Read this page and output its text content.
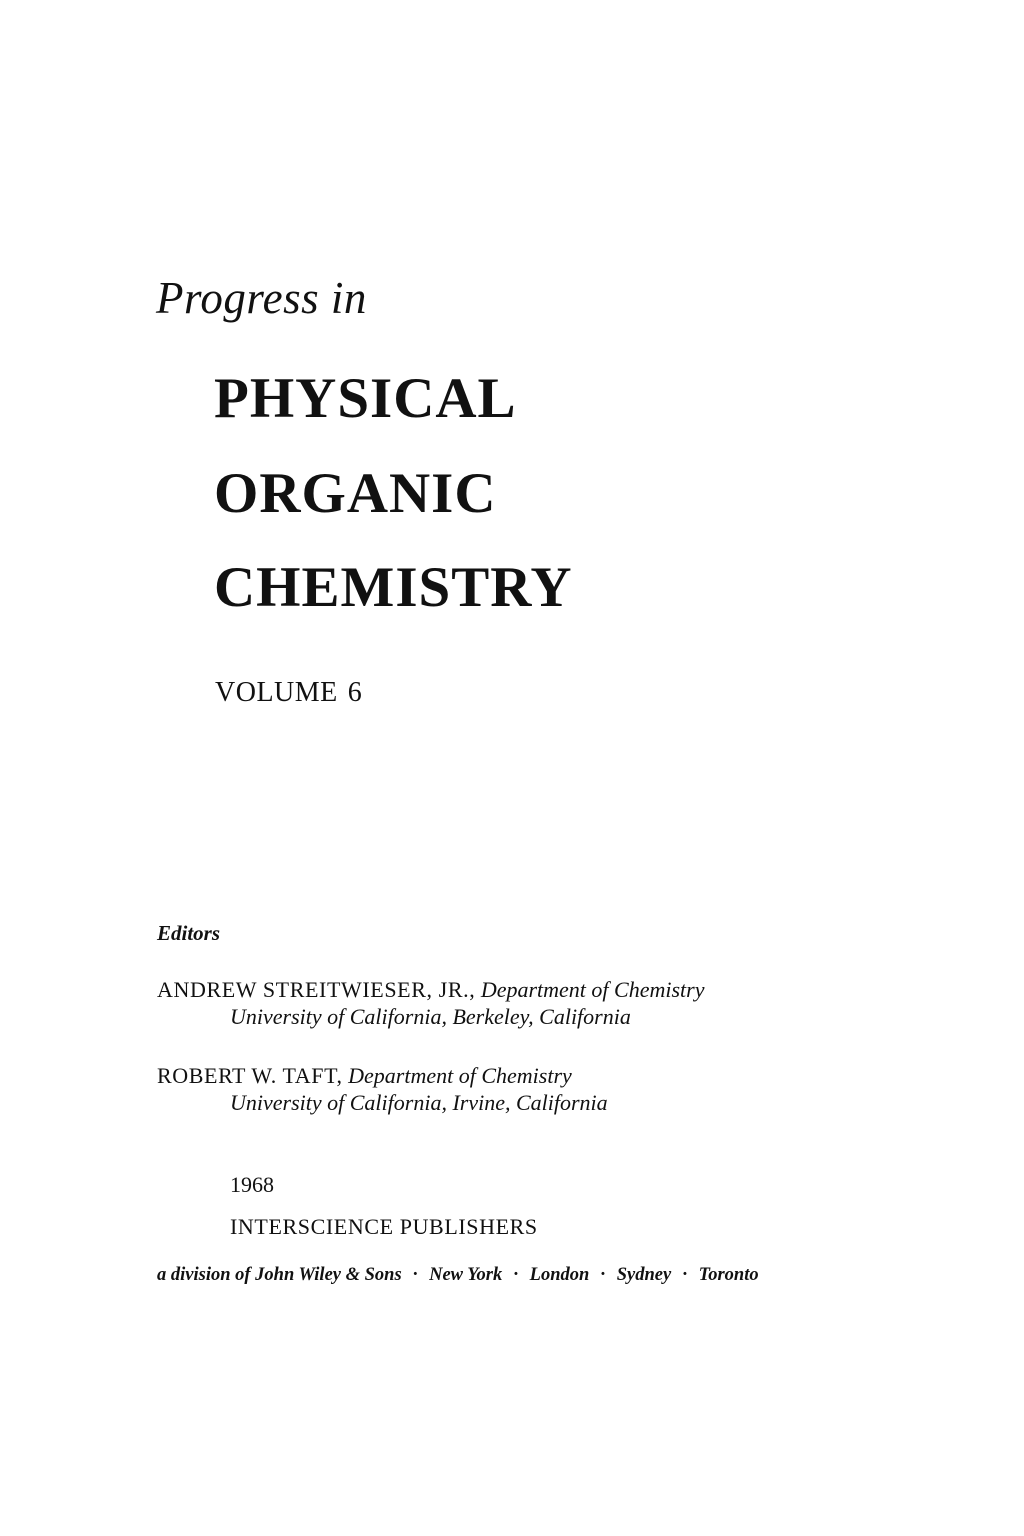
Progress in
PHYSICAL
ORGANIC
CHEMISTRY
VOLUME 6
Editors
ANDREW STREITWIESER, JR., Department of Chemistry
University of California, Berkeley, California
ROBERT W. TAFT, Department of Chemistry
University of California, Irvine, California
1968
INTERSCIENCE PUBLISHERS
a division of John Wiley & Sons · New York · London · Sydney · Toronto
